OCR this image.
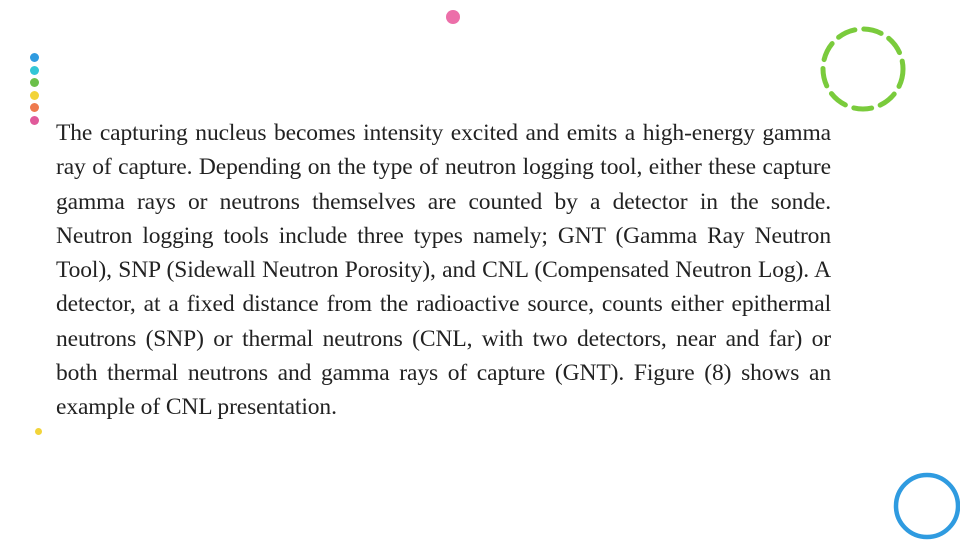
The capturing nucleus becomes intensity excited and emits a high-energy gamma ray of capture. Depending on the type of neutron logging tool, either these capture gamma rays or neutrons themselves are counted by a detector in the sonde. Neutron logging tools include three types namely; GNT (Gamma Ray Neutron Tool), SNP (Sidewall Neutron Porosity), and CNL (Compensated Neutron Log). A detector, at a fixed distance from the radioactive source, counts either epithermal neutrons (SNP) or thermal neutrons (CNL, with two detectors, near and far) or both thermal neutrons and gamma rays of capture (GNT). Figure (8) shows an example of CNL presentation.
